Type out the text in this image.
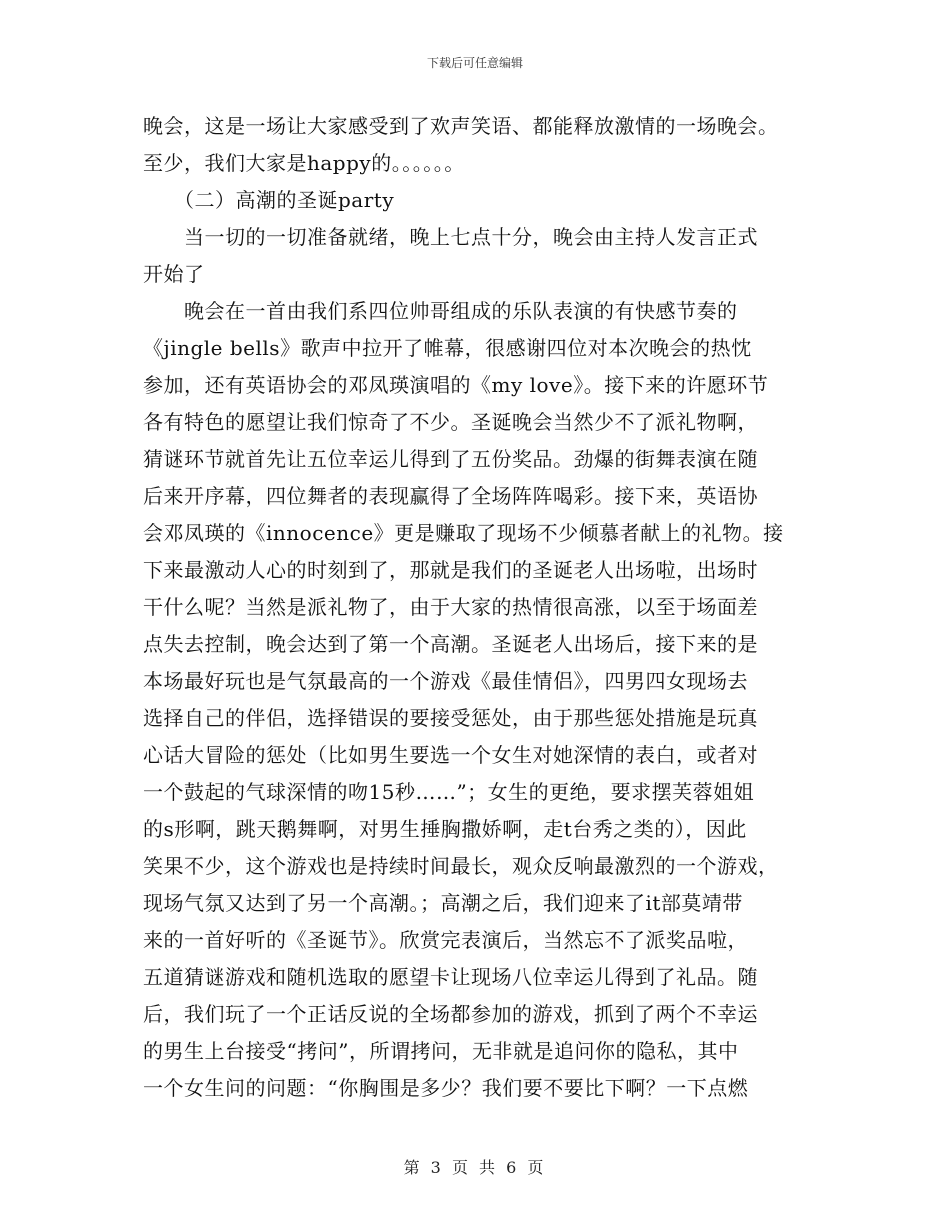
下载后可任意编辑
晚会，这是一场让大家感受到了欢声笑语、都能释放激情的一场晚会。
至少，我们大家是happy的。。。。。。
　　（二）高潮的圣诞party
　　当一切的一切准备就绪，晚上七点十分，晚会由主持人发言正式
开始了
　　晚会在一首由我们系四位帅哥组成的乐队表演的有快感节奏的
《jingle bells》歌声中拉开了帷幕，很感谢四位对本次晚会的热忱
参加，还有英语协会的邓凤瑛演唱的《my love》。接下来的许愿环节
各有特色的愿望让我们惊奇了不少。圣诞晚会当然少不了派礼物啊，
猜谜环节就首先让五位幸运儿得到了五份奖品。劲爆的街舞表演在随
后来开序幕，四位舞者的表现赢得了全场阵阵喝彩。接下来，英语协
会邓凤瑛的《innocence》更是赚取了现场不少倾慕者献上的礼物。接
下来最激动人心的时刻到了，那就是我们的圣诞老人出场啦，出场时
干什么呢？当然是派礼物了，由于大家的热情很高涨，以至于场面差
点失去控制，晚会达到了第一个高潮。圣诞老人出场后，接下来的是
本场最好玩也是气氛最高的一个游戏《最佳情侣》，四男四女现场去
选择自己的伴侣，选择错误的要接受惩处，由于那些惩处措施是玩真
心话大冒险的惩处（比如男生要选一个女生对她深情的表白，或者对
一个鼓起的气球深情的吻15秒……”；女生的更绝，要求摆芙蓉姐姐
的s形啊，跳天鹅舞啊，对男生捶胸撒娇啊，走t台秀之类的），因此
笑果不少，这个游戏也是持续时间最长，观众反响最激烈的一个游戏，
现场气氛又达到了另一个高潮。；高潮之后，我们迎来了it部莫靖带
来的一首好听的《圣诞节》。欣赏完表演后，当然忘不了派奖品啦，
五道猜谜游戏和随机选取的愿望卡让现场八位幸运儿得到了礼品。随
后，我们玩了一个正话反说的全场都参加的游戏，抓到了两个不幸运
的男生上台接受“拷问”，所谓拷问，无非就是追问你的隐私，其中
一个女生问的问题：“你胸围是多少？我们要不要比下啊？一下点燃
第 3 页 共 6 页
